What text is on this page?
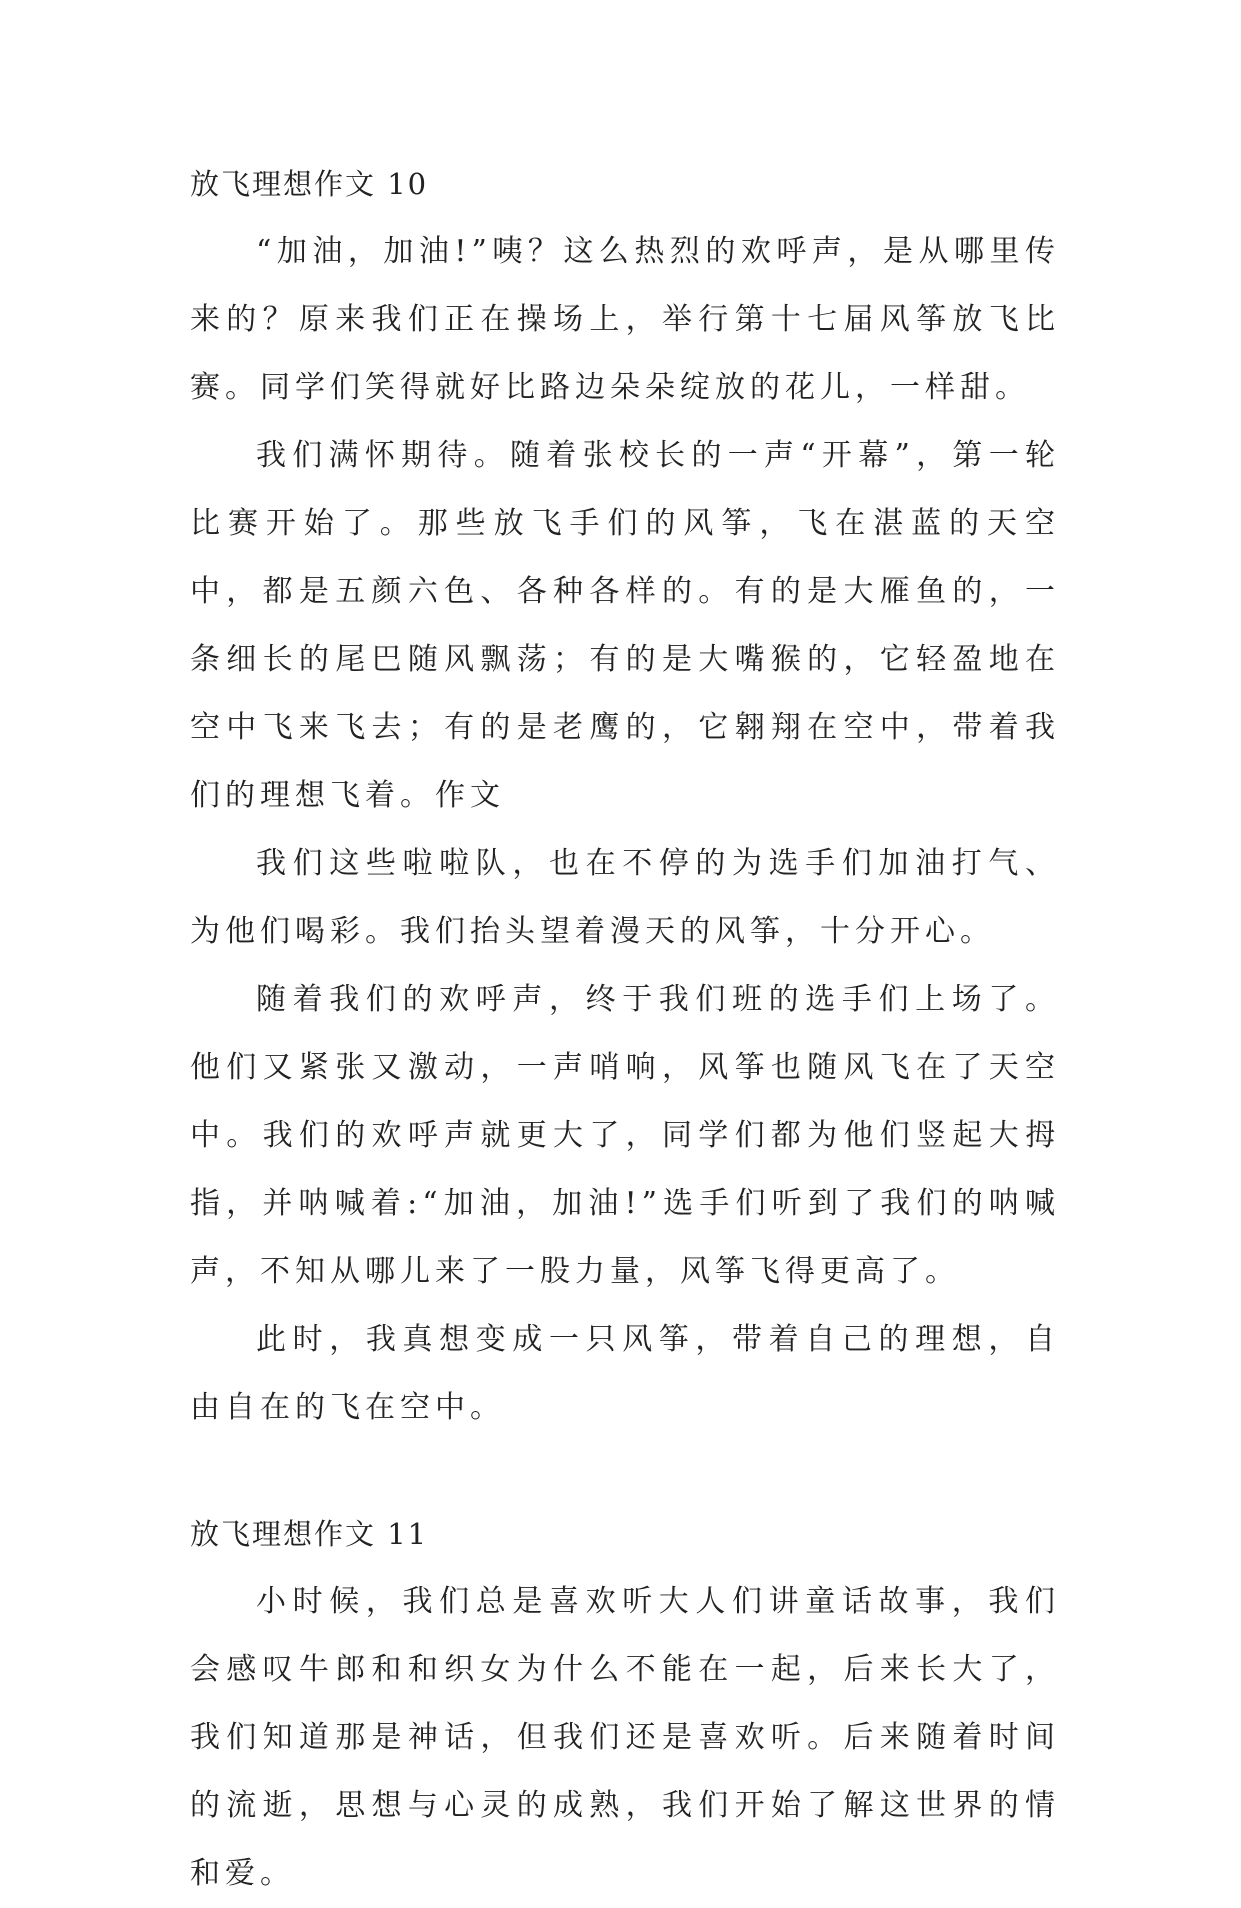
放飞理想作文 10

“加油，加油!”咦？这么热烈的欢呼声，是从哪里传来的？原来我们正在操场上，举行第十七届风筝放飞比赛。同学们笑得就好比路边朵朵绽放的花儿，一样甜。

我们满怀期待。随着张校长的一声“开幕”，第一轮比赛开始了。那些放飞手们的风筝，飞在湛蓝的天空中，都是五颜六色、各种各样的。有的是大雁鱼的，一条细长的尾巴随风飘荡；有的是大嘴猴的，它轻盈地在空中飞来飞去；有的是老鹰的，它翱翔在空中，带着我们的理想飞着。作文

我们这些啦啦队，也在不停的为选手们加油打气、为他们喝彩。我们抬头望着漫天的风筝，十分开心。

随着我们的欢呼声，终于我们班的选手们上场了。他们又紧张又激动，一声哨响，风筝也随风飞在了天空中。我们的欢呼声就更大了，同学们都为他们竖起大拇指，并呐喊着:“加油，加油!”选手们听到了我们的呐喊声，不知从哪儿来了一股力量，风筝飞得更高了。

此时，我真想变成一只风筝，带着自己的理想，自由自在的飞在空中。

放飞理想作文 11

小时候，我们总是喜欢听大人们讲童话故事，我们会感叹牛郎和和织女为什么不能在一起，后来长大了，我们知道那是神话，但我们还是喜欢听。后来随着时间的流逝，思想与心灵的成熟，我们开始了解这世界的情和爱。
